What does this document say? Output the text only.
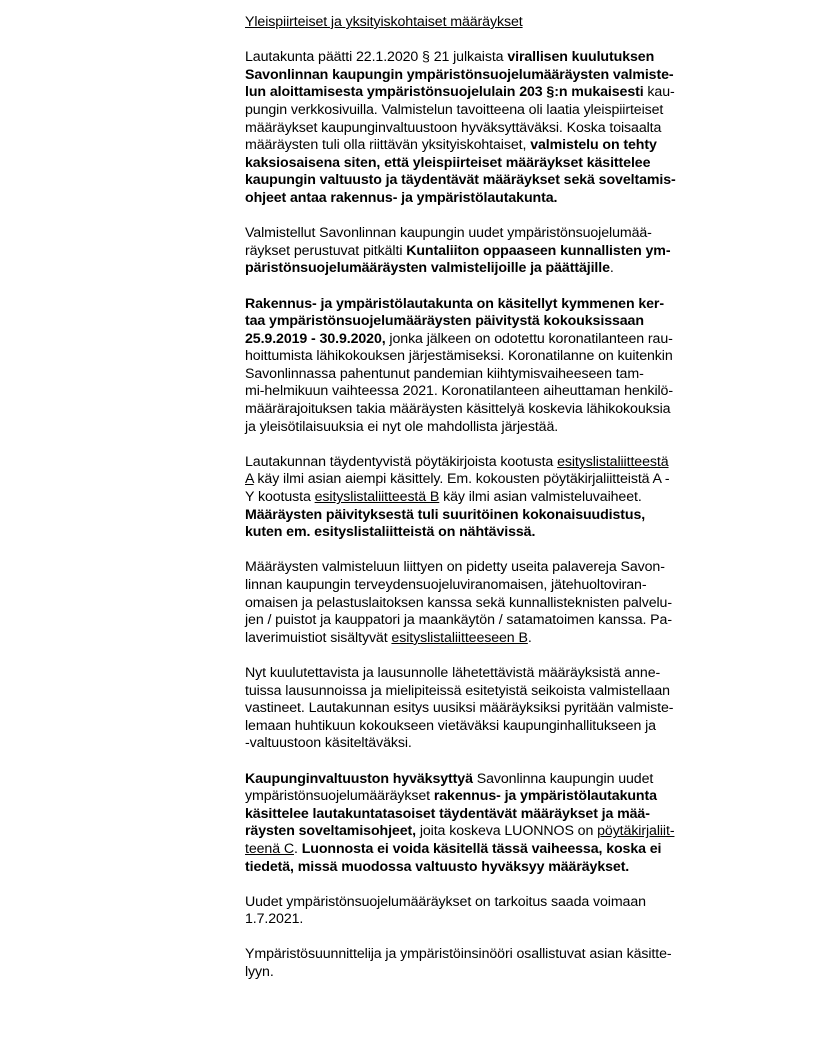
Yleispiirteiset ja yksityiskohtaiset määräykset
Lautakunta päätti 22.1.2020 § 21 julkaista virallisen kuulutuksen
Savonlinnan kaupungin ympäristönsuojelumääräysten valmiste-
lun aloittamisesta ympäristönsuojelulain 203 §:n mukaisesti kau-
pungin verkkosivuilla. Valmistelun tavoitteena oli laatia yleispiirteiset
määräykset kaupunginvaltuustoon hyväksyttäväksi. Koska toisaalta
määräysten tuli olla riittävän yksityiskohtaiset, valmistelu on tehty
kaksiosaisena siten, että yleispiirteiset määräykset käsittelee
kaupungin valtuusto ja täydentävät määräykset sekä soveltamis-
ohjeet antaa rakennus- ja ympäristölautakunta.
Valmistellut Savonlinnan kaupungin uudet ympäristönsuojelumää-
räykset perustuvat pitkälti Kuntaliiton oppaaseen kunnallisten ym-
päristönsuojelumääräysten valmistelijoille ja päättäjille.
Rakennus- ja ympäristölautakunta on käsitellyt kymmenen ker-
taa ympäristönsuojelumääräysten päivitystä kokouksissaan
25.9.2019 - 30.9.2020, jonka jälkeen on odotettu koronatilanteen rau-
hoittumista lähikokouksen järjestämiseksi. Koronatilanne on kuitenkin
Savonlinnassa pahentunut pandemian kiihtymisvaiheeseen tam-
mi-helmikuun vaihteessa 2021. Koronatilanteen aiheuttaman henkilö-
määrärajoituksen takia määräysten käsittelyä koskevia lähikokouksia
ja yleisötilaisuuksia ei nyt ole mahdollista järjestää.
Lautakunnan täydentyvistä pöytäkirjoista kootusta esityslistaliitteestä
A käy ilmi asian aiempi käsittely. Em. kokousten pöytäkirjaliitteistä A -
Y kootusta esityslistaliitteestä B käy ilmi asian valmisteluvaiheet.
Määräysten päivityksestä tuli suuritöinen kokonaisuudistus,
kuten em. esityslistaliitteistä on nähtävissä.
Määräysten valmisteluun liittyen on pidetty useita palavereja Savon-
linnan kaupungin terveydensuojeluviranomaisen, jätehuoltoviran-
omaisen ja pelastuslaitoksen kanssa sekä kunnallisteknisten palvelu-
jen / puistot ja kauppatori ja maankäytön / satamatoimen kanssa. Pa-
laverimuistiot sisältyvät esityslistaliitteeseen B.
Nyt kuulutettavista ja lausunnolle lähetettävistä määräyksistä anne-
tuissa lausunnoissa ja mielipiteissä esitetyistä seikoista valmistellaan
vastineet. Lautakunnan esitys uusiksi määräyksiksi pyritään valmiste-
lemaan huhtikuun kokoukseen vietäväksi kaupunginhallitukseen ja
-valtuustoon käsiteltäväksi.
Kaupunginvaltuuston hyväksyttyä Savonlinna kaupungin uudet
ympäristönsuojelumääräykset rakennus- ja ympäristölautakunta
käsittelee lautakuntatasoiset täydentävät määräykset ja mää-
räysten soveltamisohjeet, joita koskeva LUONNOS on pöytäkirjaliit-
teenä C. Luonnosta ei voida käsitellä tässä vaiheessa, koska ei
tiedetä, missä muodossa valtuusto hyväksyy määräykset.
Uudet ympäristönsuojelumääräykset on tarkoitus saada voimaan
1.7.2021.
Ympäristösuunnittelija ja ympäristöinsinööri osallistuvat asian käsitte-
lyyn.
